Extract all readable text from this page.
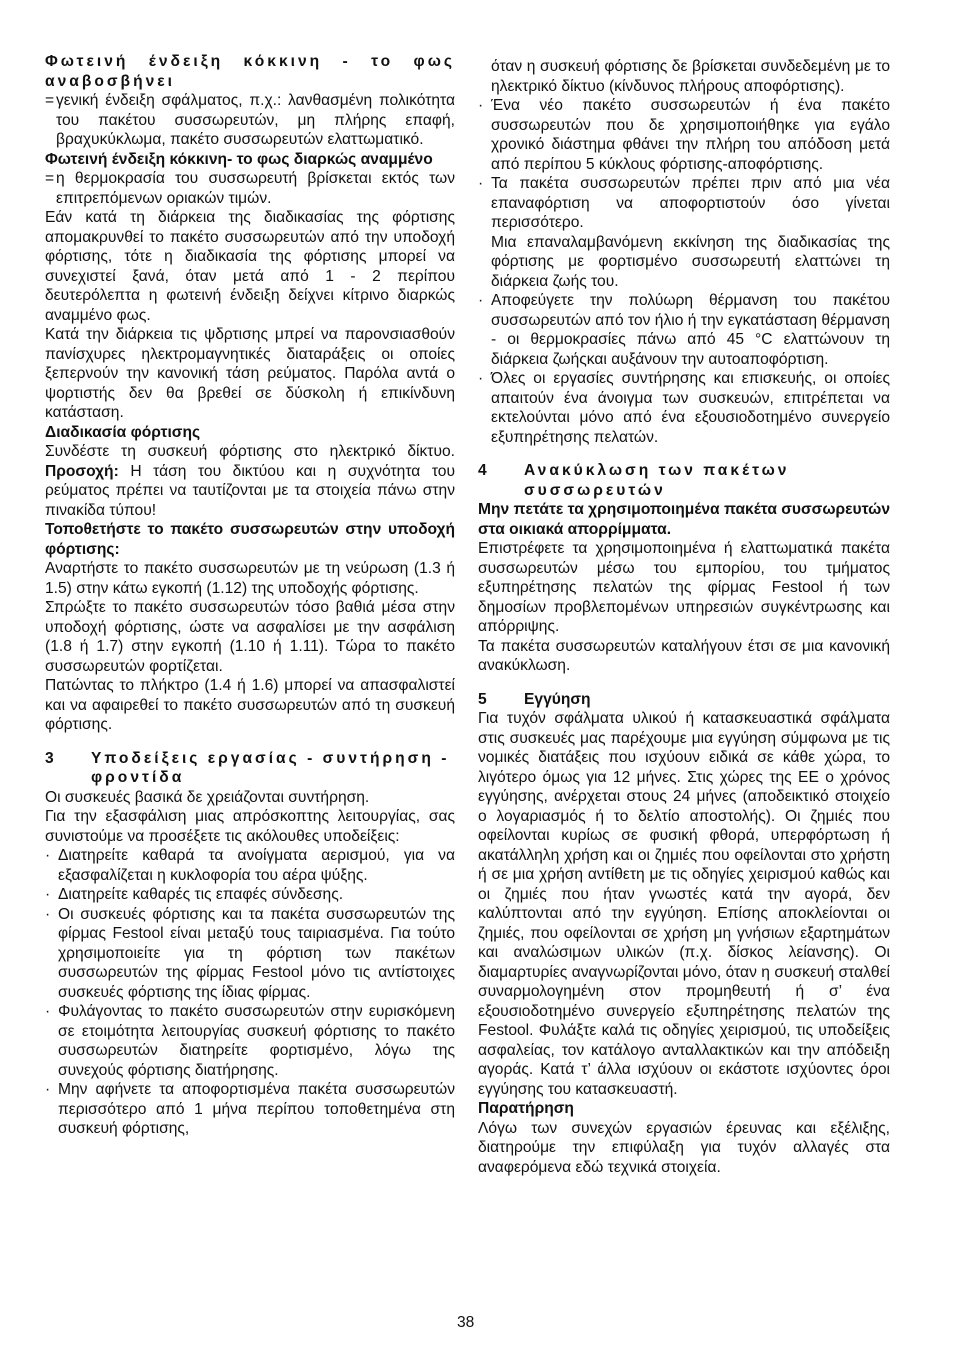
Φωτεινή ένδειξη κόκκινη - το φως αναβοσβήνει

= γενική ένδειξη σφάλματος, π.χ.: λανθασμένη πολικότητα του πακέτου συσσωρευτών, μη πλήρης επαφή, βραχυκύκλωμα, πακέτο συσσωρευτών ελαττωματικό.

Φωτεινή ένδειξη κόκκινη- το φως διαρκώς αναμμένο

= η θερμοκρασία του συσσωρευτή βρίσκεται εκτός των επιτρεπόμενων οριακών τιμών.

Εάν κατά τη διάρκεια της διαδικασίας της φόρτισης απομακρυνθεί το πακέτο συσσωρευτών από την υποδοχή φόρτισης, τότε η διαδικασία της φόρτισης μπορεί να συνεχιστεί ξανά, όταν μετά από 1 - 2 περίπου δευτερόλεπτα η φωτεινή ένδειξη δείχνει κίτρινο διαρκώς αναμμένο φως.

Κατά την διάρκεια τις ψδρτισης μπρεί να παρονσιασθούν πανίσχυρες ηλεκτρομαγνητικές διαταράξεις οι οποίες ξεπερνούν την κανονική τάση ρεύματος. Παρόλα αντά ο ψορτιστής δεν θα βρεθεί σε δύσκολη ή επικίνδυνη κατάσταση.

Διαδικασία φόρτισης

Συνδέστε τη συσκευή φόρτισης στο ηλεκτρικό δίκτυο. Προσοχή: Η τάση του δικτύου και η συχνότητα του ρεύματος πρέπει να ταυτίζονται με τα στοιχεία πάνω στην πινακίδα τύπου!

Τοποθετήστε το πακέτο συσσωρευτών στην υποδοχή φόρτισης:

Αναρτήστε το πακέτο συσσωρευτών με τη νεύρωση (1.3 ή 1.5) στην κάτω εγκοπή (1.12) της υποδοχής φόρτισης.

Σπρώξτε το πακέτο συσσωρευτών τόσο βαθιά μέσα στην υποδοχή φόρτισης, ώστε να ασφαλίσει με την ασφάλιση (1.8 ή 1.7) στην εγκοπή (1.10 ή 1.11). Τώρα το πακέτο συσσωρευτών φορτίζεται.

Πατώντας το πλήκτρο (1.4 ή 1.6) μπορεί να απασφαλιστεί και να αφαιρεθεί το πακέτο συσσωρευτών από τη συσκευή φόρτισης.

3 Υποδείξεις εργασίας - συντήρηση - φροντίδα

Οι συσκευές βασικά δε χρειάζονται συντήρηση.

Για την εξασφάλιση μιας απρόσκοπτης λειτουργίας, σας συνιστούμε να προσέξετε τις ακόλουθες υποδείξεις:

· Διατηρείτε καθαρά τα ανοίγματα αερισμού, για να εξασφαλίζεται η κυκλοφορία του αέρα ψύξης.

· Διατηρείτε καθαρές τις επαφές σύνδεσης.

· Οι συσκευές φόρτισης και τα πακέτα συσσωρευτών της φίρμας Festool είναι μεταξύ τους ταιριασμένα. Για τούτο χρησιμοποιείτε για τη φόρτιση των πακέτων συσσωρευτών της φίρμας Festool μόνο τις αντίστοιχες συσκευές φόρτισης της ίδιας φίρμας.

· Φυλάγοντας το πακέτο συσσωρευτών στην ευρισκόμενη σε ετοιμότητα λειτουργίας συσκευή φόρτισης το πακέτο συσσωρευτών διατηρείτε φορτισμένο, λόγω της συνεχούς φόρτισης διατήρησης.

· Μην αφήνετε τα αποφορτισμένα πακέτα συσσωρευτών περισσότερο από 1 μήνα περίπου τοποθετημένα στη συσκευή φόρτισης,

όταν η συσκευή φόρτισης δε βρίσκεται συνδεδεμένη με το ηλεκτρικό δίκτυο (κίνδυνος πλήρους αποφόρτισης).

· Ένα νέο πακέτο συσσωρευτών ή ένα πακέτο συσσωρευτών που δε χρησιμοποιήθηκε για εγάλο χρονικό διάστημα φθάνει την πλήρη του απόδοση μετά από περίπου 5 κύκλους φόρτισης-αποφόρτισης.

· Τα πακέτα συσσωρευτών πρέπει πριν από μια νέα επαναφόρτιση να αποφορτιστούν όσο γίνεται περισσότερο.

Μια επαναλαμβανόμενη εκκίνηση της διαδικασίας της φόρτισης με φορτισμένο συσσωρευτή ελαττώνει τη διάρκεια ζωής του.

· Αποφεύγετε την πολύωρη θέρμανση του πακέτου συσσωρευτών από τον ήλιο ή την εγκατάσταση θέρμανση - οι θερμοκρασίες πάνω από 45 °C ελαττώνουν τη διάρκεια ζωήςκαι αυξάνουν την αυτοαποφόρτιση.

· Όλες οι εργασίες συντήρησης και επισκευής, οι οποίες απαιτούν ένα άνοιγμα των συσκευών, επιτρέπεται να εκτελούνται μόνο από ένα εξουσιοδοτημένο συνεργείο εξυπηρέτησης πελατών.

4 Ανακύκλωση των πακέτων συσσωρευτών

Μην πετάτε τα χρησιμοποιημένα πακέτα συσσωρευτών στα οικιακά απορρίμματα.

Επιστρέφετε τα χρησιμοποιημένα ή ελαττωματικά πακέτα συσσωρευτών μέσω του εμπορίου, του τμήματος εξυπηρέτησης πελατών της φίρμας Festool ή των δημοσίων προβλεπομένων υπηρεσιών συγκέντρωσης και απόρριψης.

Τα πακέτα συσσωρευτών καταλήγουν έτσι σε μια κανονική ανακύκλωση.

5 Εγγύηση

Για τυχόν σφάλματα υλικού ή κατασκευαστικά σφάλματα στις συσκευές μας παρέχουμε μια εγγύηση σύμφωνα με τις νομικές διατάξεις που ισχύουν ειδικά σε κάθε χώρα, το λιγότερο όμως για 12 μήνες. Στις χώρες της ΕΕ ο χρόνος εγγύησης, ανέρχεται στους 24 μήνες (αποδεικτικό στοιχείο ο λογαριασμός ή το δελτίο αποστολής). Οι ζημιές που οφείλονται κυρίως σε φυσική φθορά, υπερφόρτωση ή ακατάλληλη χρήση και οι ζημιές που οφείλονται στο χρήστη ή σε μια χρήση αντίθετη με τις οδηγίες χειρισμού καθώς και οι ζημιές που ήταν γνωστές κατά την αγορά, δεν καλύπτονται από την εγγύηση. Επίσης αποκλείονται οι ζημιές, που οφείλονται σε χρήση μη γνήσιων εξαρτημάτων και αναλώσιμων υλικών (π.χ. δίσκος λείανσης). Οι διαμαρτυρίες αναγνωρίζονται μόνο, όταν η συσκευή σταλθεί συναρμολογημένη στον προμηθευτή ή σ’ ένα εξουσιοδοτημένο συνεργείο εξυπηρέτησης πελατών της Festool. Φυλάξτε καλά τις οδηγίες χειρισμού, τις υποδείξεις ασφαλείας, τον κατάλογο ανταλλακτικών και την απόδειξη αγοράς. Κατά τ’ άλλα ισχύουν οι εκάστοτε ισχύοντες όροι εγγύησης του κατασκευαστή.

Παρατήρηση

Λόγω των συνεχών εργασιών έρευνας και εξέλιξης, διατηρούμε την επιφύλαξη για τυχόν αλλαγές στα αναφερόμενα εδώ τεχνικά στοιχεία.

38
